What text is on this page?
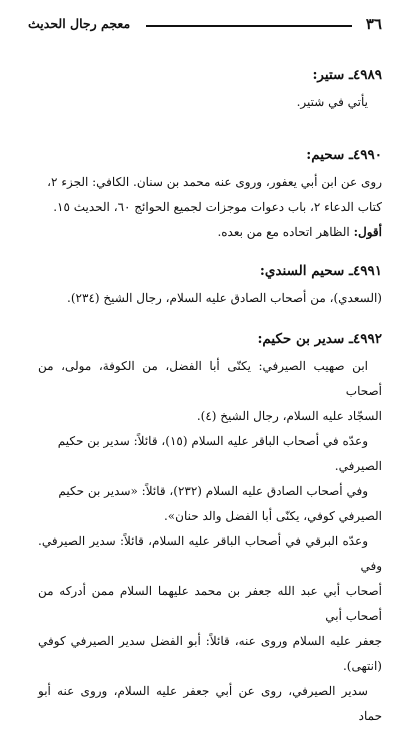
٣٦
معجم رجال الحديث
٤٩٨٩ـ ستير:

يأتي في شتير.

٤٩٩٠ـ سحيم:

روى عن ابن أبي يعفور، وروى عنه محمد بن سنان. الكافي: الجزء ٢،

كتاب الدعاء ٢، باب دعوات موجزات لجميع الحوائج ٦٠، الحديث ١٥.

أقول: الظاهر اتحاده مع من بعده.

٤٩٩١ـ سحيم السندي:

(السعدي)، من أصحاب الصادق عليه السلام، رجال الشيخ (٢٣٤).

٤٩٩٢ـ سدير بن حكيم:

ابن صهيب الصيرفي: يكنّى أبا الفضل، من الكوفة، مولى، من أصحاب

السجّاد عليه السلام، رجال الشيخ (٤).

وعدّه في أصحاب الباقر عليه السلام (١٥)، قائلاً: سدير بن حكيم

الصيرفي.

وفي أصحاب الصادق عليه السلام (٢٣٢)، قائلاً: «سدير بن حكيم

الصيرفي كوفي، يكنّى أبا الفضل والد حنان».

وعدّه البرقي في أصحاب الباقر عليه السلام، قائلاً: سدير الصيرفي. وفي

أصحاب أبي عبد الله جعفر بن محمد عليهما السلام ممن أدركه من أصحاب أبي

جعفر عليه السلام وروى عنه، قائلاً: أبو الفضل سدير الصيرفي كوفي (انتهى).

سدير الصيرفي، روى عن أبي جعفر عليه السلام، وروى عنه أبو حماد
